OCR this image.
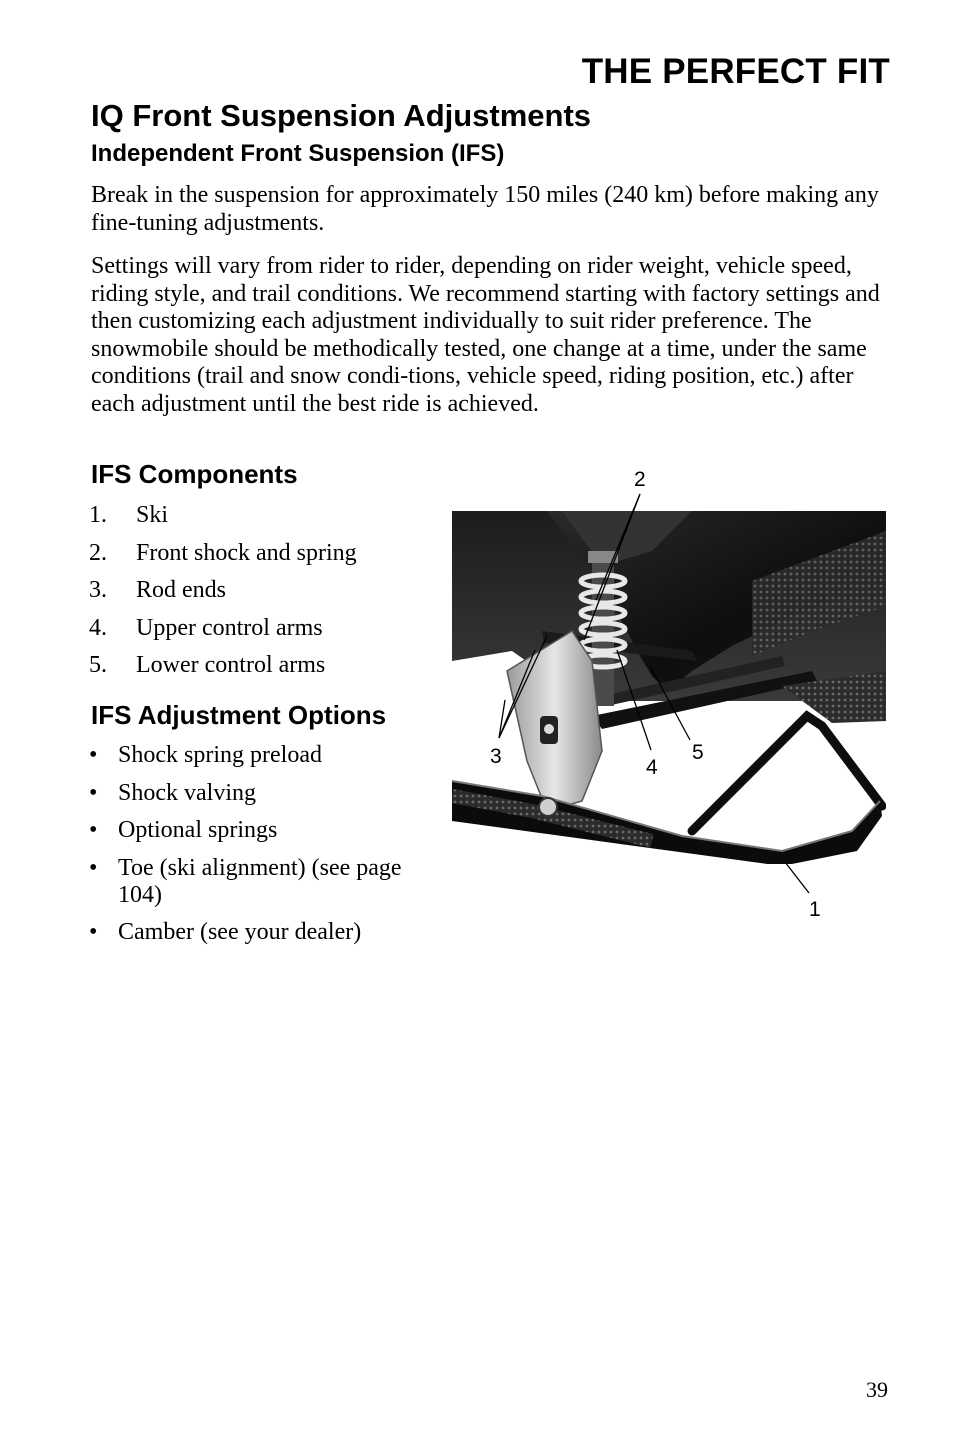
THE PERFECT FIT
IQ Front Suspension Adjustments
Independent Front Suspension (IFS)

Break in the suspension for approximately 150 miles (240 km) before making any fine-tuning adjustments.

Settings will vary from rider to rider, depending on rider weight, vehicle speed, riding style, and trail conditions. We recommend starting with factory settings and then customizing each adjustment individually to suit rider preference. The snowmobile should be methodically tested, one change at a time, under the same conditions (trail and snow condi-tions, vehicle speed, riding position, etc.) after each adjustment until the best ride is achieved.

IFS Components
1.	Ski
2.	Front shock and spring
3.	Rod ends
4.	Upper control arms
5.	Lower control arms
IFS Adjustment Options
• Shock spring preload
• Shock valving
• Optional springs
• Toe (ski alignment) (see page 104)
• Camber (see your dealer)
2
3	4
5
1
39
